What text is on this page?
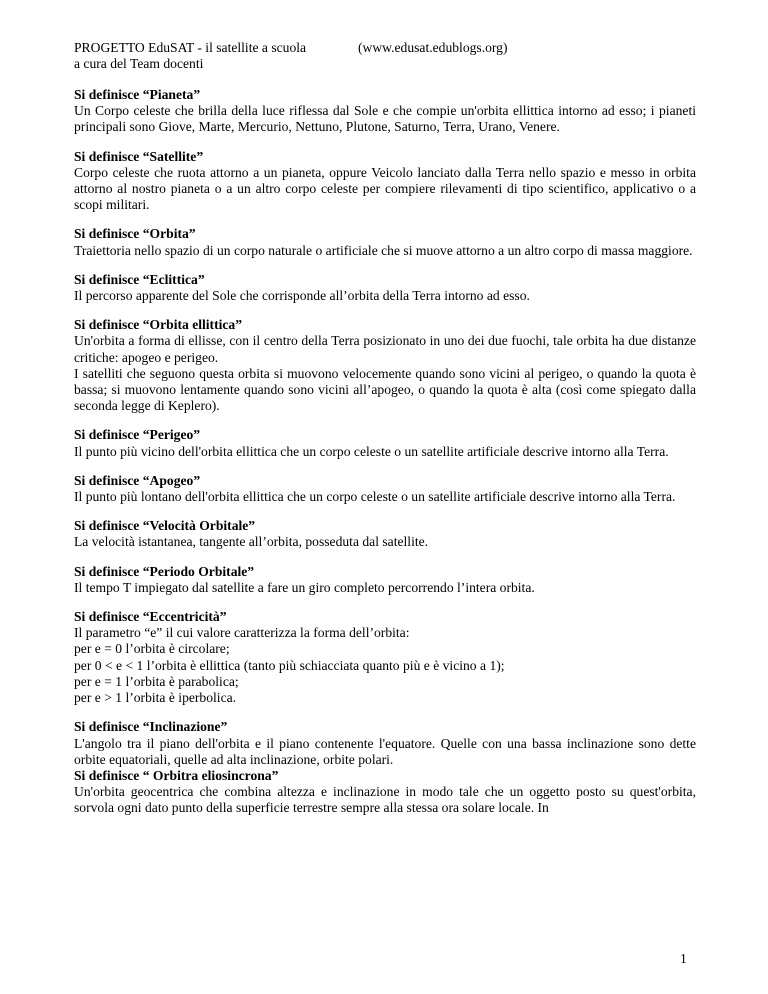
PROGETTO EduSAT - il satellite a scuola	(www.edusat.edublogs.org)
a cura del Team docenti
Si definisce “Pianeta”

Un Corpo celeste che brilla della luce riflessa dal Sole e che compie un'orbita ellittica intorno ad esso; i pianeti principali sono Giove, Marte, Mercurio, Nettuno, Plutone, Saturno, Terra, Urano, Venere.

Si definisce “Satellite”

Corpo celeste che ruota attorno a un pianeta, oppure Veicolo lanciato dalla Terra nello spazio e messo in orbita attorno al nostro pianeta o a un altro corpo celeste per compiere rilevamenti di tipo scientifico, applicativo o a scopi militari.

Si definisce “Orbita”

Traiettoria nello spazio di un corpo naturale o artificiale che si muove attorno a un altro corpo di massa maggiore.

Si definisce “Eclittica”

Il percorso apparente del Sole che corrisponde all’orbita della Terra intorno ad esso.

Si definisce “Orbita ellittica”

Un'orbita a forma di ellisse, con il centro della Terra posizionato in uno dei due fuochi, tale orbita ha due distanze critiche: apogeo e perigeo.

I satelliti che seguono questa orbita si muovono velocemente quando sono vicini al perigeo, o quando la quota è bassa; si muovono lentamente quando sono vicini all’apogeo, o quando la quota è alta (così come spiegato dalla seconda legge di Keplero).

Si definisce “Perigeo”

Il punto più vicino dell'orbita ellittica che un corpo celeste o un satellite artificiale descrive intorno alla Terra.

Si definisce “Apogeo”

Il punto più lontano dell'orbita ellittica che un corpo celeste o un satellite artificiale descrive intorno alla Terra.

Si definisce “Velocità Orbitale”

La velocità istantanea, tangente all’orbita, posseduta dal satellite.

Si definisce “Periodo Orbitale”

Il tempo T impiegato dal satellite a fare un giro completo percorrendo l’intera orbita.

Si definisce “Eccentricità”
Il parametro “e” il cui valore caratterizza la forma dell’orbita:
per e = 0 l’orbita è circolare;
per 0 < e < 1 l’orbita è ellittica (tanto più schiacciata quanto più e è vicino a 1);
per e = 1 l’orbita è parabolica;
per e > 1 l’orbita è iperbolica.
Si definisce “Inclinazione”

L'angolo tra il piano dell'orbita e il piano contenente l'equatore. Quelle con una bassa inclinazione sono dette orbite equatoriali, quelle ad alta inclinazione, orbite polari.

Si definisce “ Orbitra eliosincrona”

Un'orbita geocentrica che combina altezza e inclinazione in modo tale che un oggetto posto su quest'orbita, sorvola ogni dato punto della superficie terrestre sempre alla stessa ora solare locale. In

1
